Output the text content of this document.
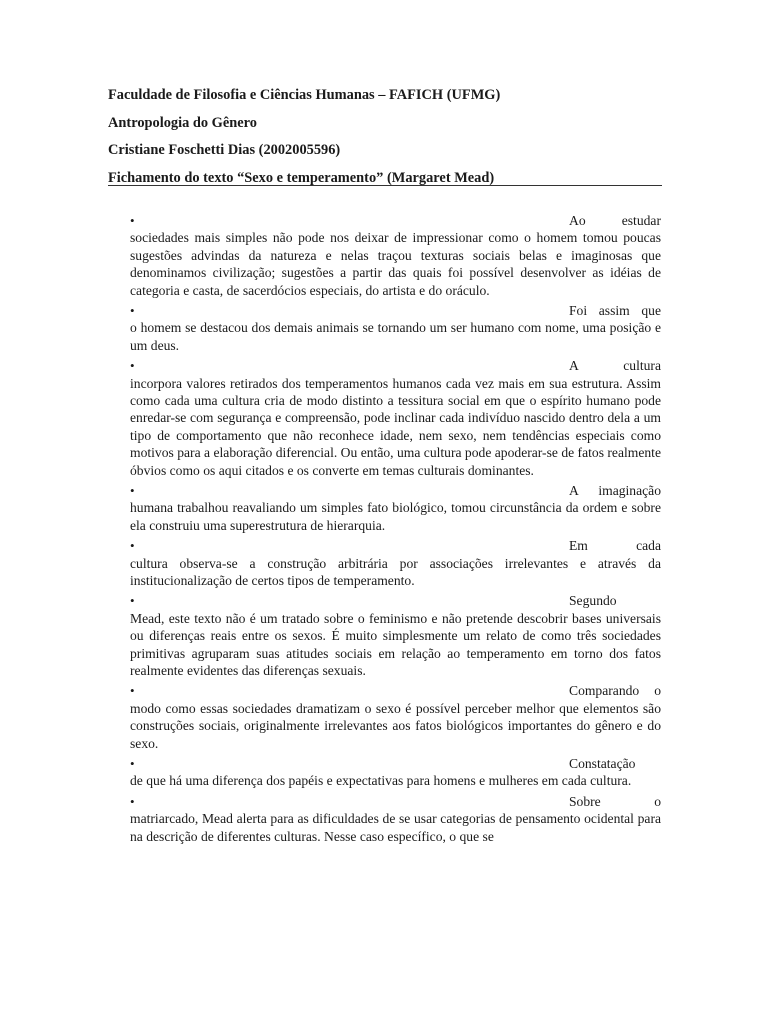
Faculdade de Filosofia e Ciências Humanas – FAFICH (UFMG)
Antropologia do Gênero
Cristiane Foschetti Dias (2002005596)
Fichamento do texto “Sexo e temperamento” (Margaret Mead)
•	Ao estudar
sociedades mais simples não pode nos deixar de impressionar como o homem tomou poucas sugestões advindas da natureza e nelas traçou texturas sociais belas e imaginosas que denominamos civilização; sugestões a partir das quais foi possível desenvolver as idéias de categoria e casta, de sacerdócios especiais, do artista e do oráculo.
•	Foi assim que
o homem se destacou dos demais animais se tornando um ser humano com nome, uma posição e um deus.
•	A cultura
incorpora valores retirados dos temperamentos humanos cada vez mais em sua estrutura. Assim como cada uma cultura cria de modo distinto a tessitura social em que o espírito humano pode enredar-se com segurança e compreensão, pode inclinar cada indivíduo nascido dentro dela a um tipo de comportamento que não reconhece idade, nem sexo, nem tendências especiais como motivos para a elaboração diferencial. Ou então, uma cultura pode apoderar-se de fatos realmente óbvios como os aqui citados e os converte em temas culturais dominantes.
•	A imaginação
humana trabalhou reavaliando um simples fato biológico, tomou circunstância da ordem e sobre ela construiu uma superestrutura de hierarquia.
•	Em cada
cultura observa-se a construção arbitrária por associações irrelevantes e através da institucionalização de certos tipos de temperamento.
•	Segundo
Mead, este texto não é um tratado sobre o feminismo e não pretende descobrir bases universais ou diferenças reais entre os sexos. É muito simplesmente um relato de como três sociedades primitivas agruparam suas atitudes sociais em relação ao temperamento em torno dos fatos realmente evidentes das diferenças sexuais.
•	Comparando o
modo como essas sociedades dramatizam o sexo é possível perceber melhor que elementos são construções sociais, originalmente irrelevantes aos fatos biológicos importantes do gênero e do sexo.
•	Constatação
de que há uma diferença dos papéis e expectativas para homens e mulheres em cada cultura.
•	Sobre o
matriarcado, Mead alerta para as dificuldades de se usar categorias de pensamento ocidental para na descrição de diferentes culturas. Nesse caso específico, o que se
